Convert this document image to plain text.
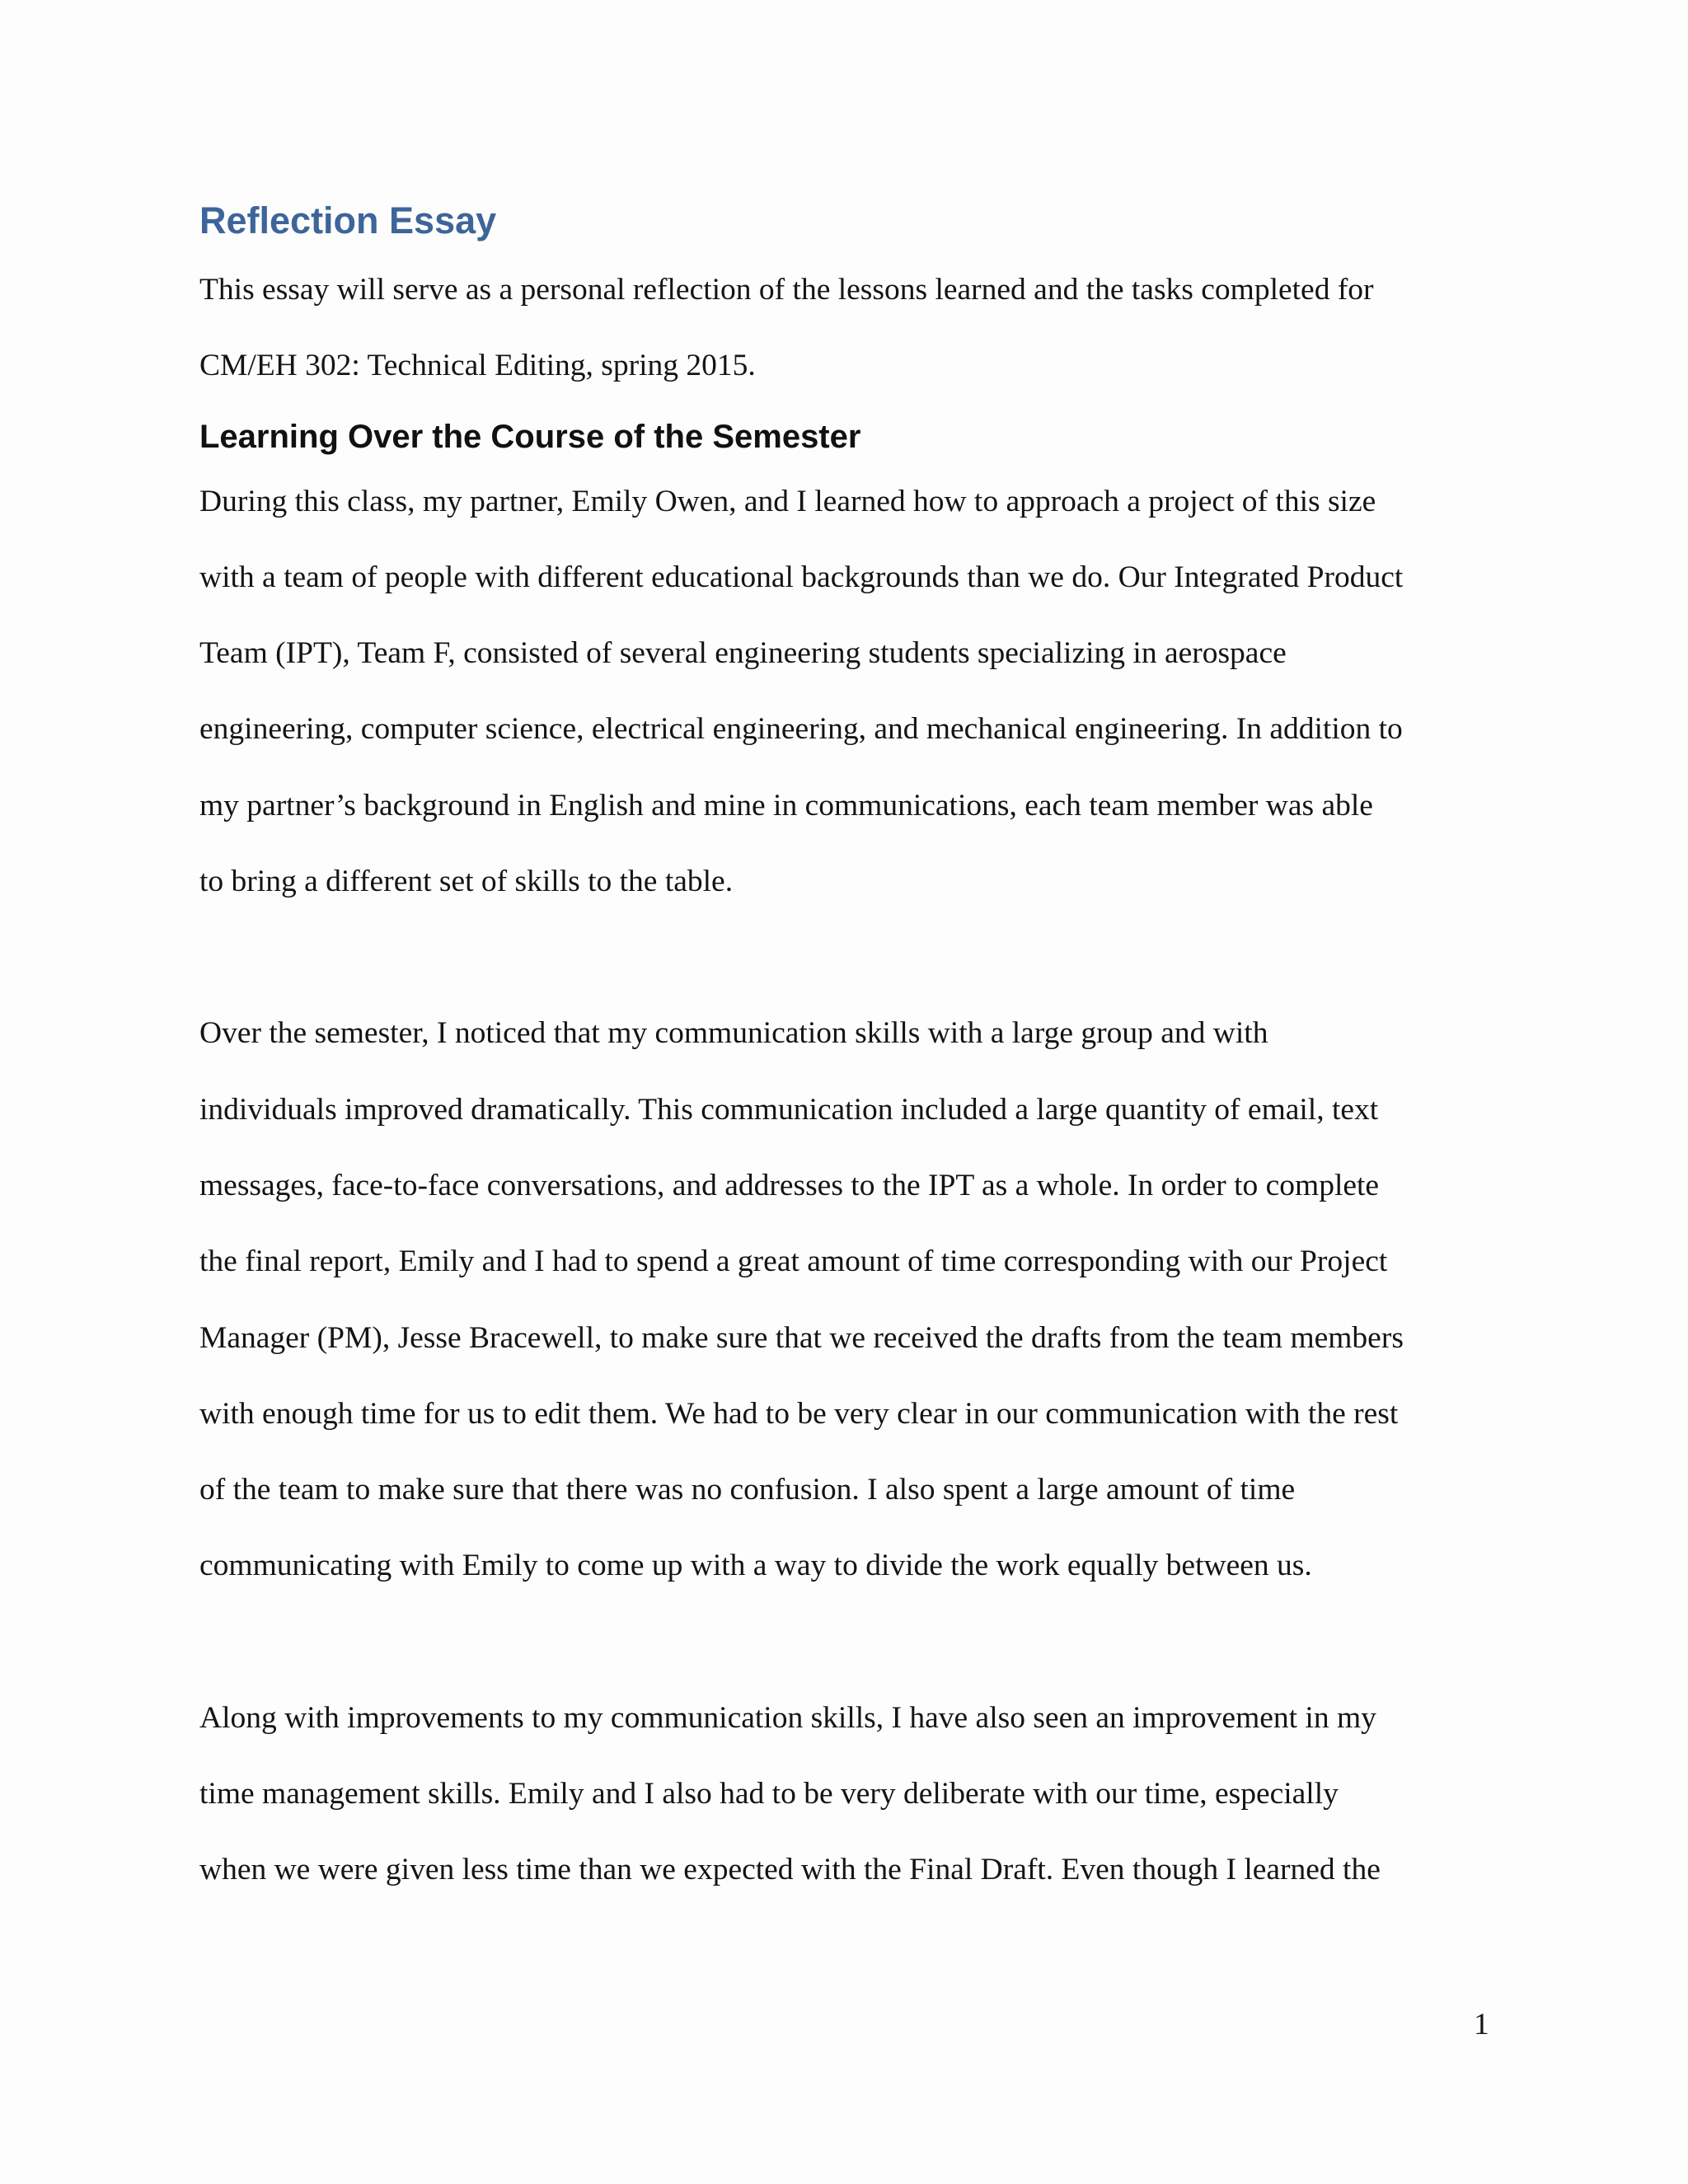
Reflection Essay
This essay will serve as a personal reflection of the lessons learned and the tasks completed for
CM/EH 302: Technical Editing, spring 2015.
Learning Over the Course of the Semester
During this class, my partner, Emily Owen, and I learned how to approach a project of this size
with a team of people with different educational backgrounds than we do. Our Integrated Product
Team (IPT), Team F, consisted of several engineering students specializing in aerospace
engineering, computer science, electrical engineering, and mechanical engineering. In addition to
my partner’s background in English and mine in communications, each team member was able
to bring a different set of skills to the table.
Over the semester, I noticed that my communication skills with a large group and with
individuals improved dramatically. This communication included a large quantity of email, text
messages, face-to-face conversations, and addresses to the IPT as a whole. In order to complete
the final report, Emily and I had to spend a great amount of time corresponding with our Project
Manager (PM), Jesse Bracewell, to make sure that we received the drafts from the team members
with enough time for us to edit them. We had to be very clear in our communication with the rest
of the team to make sure that there was no confusion. I also spent a large amount of time
communicating with Emily to come up with a way to divide the work equally between us.
Along with improvements to my communication skills, I have also seen an improvement in my
time management skills. Emily and I also had to be very deliberate with our time, especially
when we were given less time than we expected with the Final Draft. Even though I learned the
1
